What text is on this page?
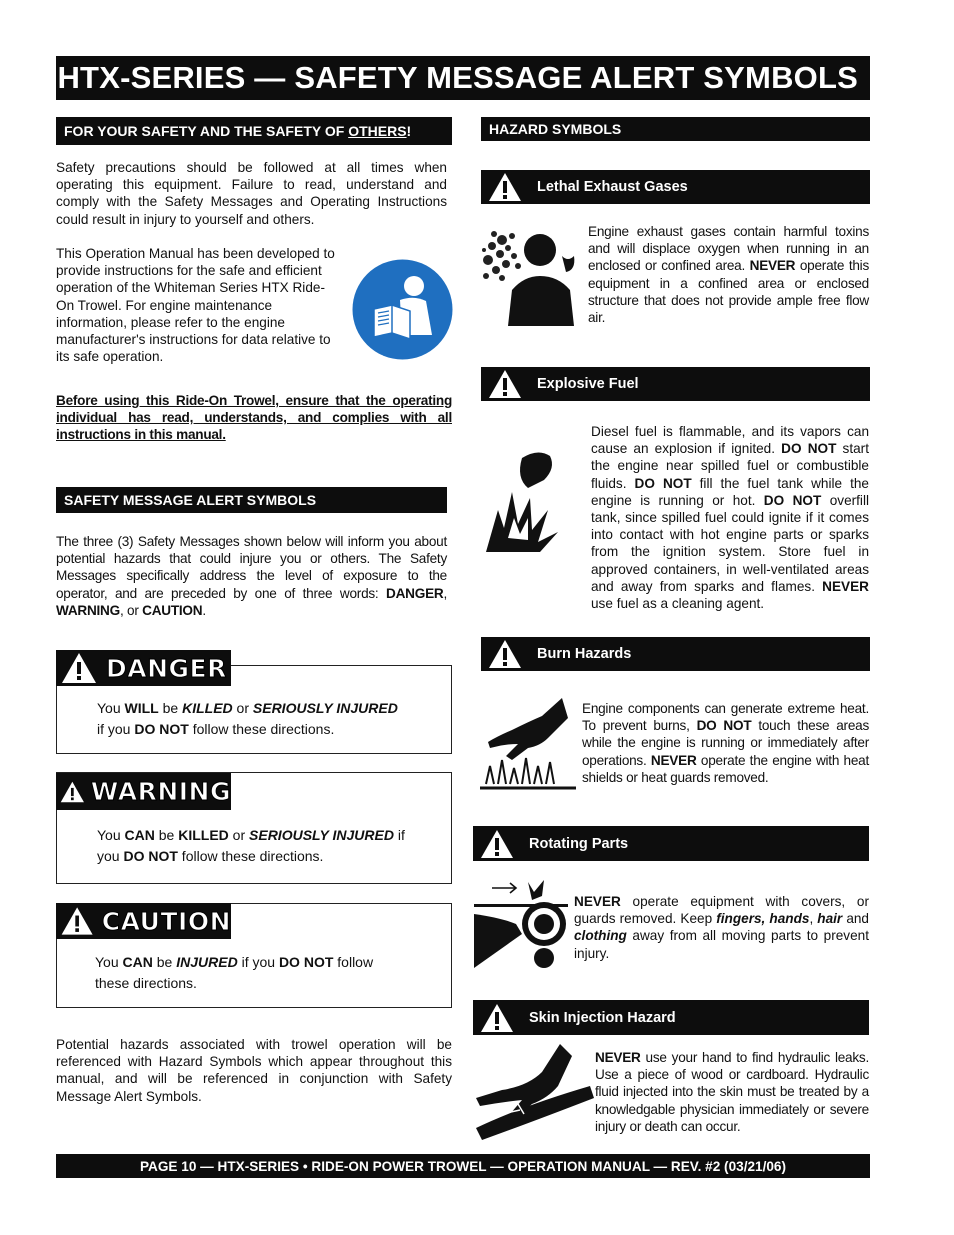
HTX-SERIES — SAFETY MESSAGE ALERT SYMBOLS
FOR YOUR SAFETY AND THE SAFETY OF OTHERS!

Safety precautions should be followed at all times when operating this equipment. Failure to read, understand and comply with the Safety Messages and Operating Instructions could result in injury to yourself and others.

This Operation Manual has been developed to provide instructions for the safe and efficient operation of the Whiteman Series HTX Ride-On Trowel. For engine maintenance information, please refer to the engine manufacturer's instructions for data relative to its safe operation.

Before using this Ride-On Trowel, ensure that the operating individual has read, understands, and complies with all instructions in this manual.

SAFETY MESSAGE ALERT SYMBOLS

The three (3) Safety Messages shown below will inform you about potential hazards that could injure you or others. The Safety Messages specifically address the level of exposure to the operator, and are preceded by one of three words: DANGER, WARNING, or CAUTION.

DANGER
You WILL be KILLED or SERIOUSLY INJURED
if you DO NOT follow these directions.
WARNING
You CAN be KILLED or SERIOUSLY INJURED if
you DO NOT follow these directions.
CAUTION
You CAN be INJURED if you DO NOT follow
these directions.

Potential hazards associated with trowel operation will be referenced with Hazard Symbols which appear throughout this manual, and will be referenced in conjunction with Safety Message Alert Symbols.

HAZARD SYMBOLS
Lethal Exhaust Gases

Engine exhaust gases contain harmful toxins and will displace oxygen when running in an enclosed or confined area. NEVER operate this equipment in a confined area or enclosed structure that does not provide ample free flow air.

Explosive Fuel

Diesel fuel is flammable, and its vapors can cause an explosion if ignited. DO NOT start the engine near spilled fuel or combustible fluids. DO NOT fill the fuel tank while the engine is running or hot. DO NOT overfill tank, since spilled fuel could ignite if it comes into contact with hot engine parts or sparks from the ignition system. Store fuel in approved containers, in well-ventilated areas and away from sparks and flames. NEVER use fuel as a cleaning agent.

Burn Hazards

Engine components can generate extreme heat. To prevent burns, DO NOT touch these areas while the engine is running or immediately after operations. NEVER operate the engine with heat shields or heat guards removed.

Rotating Parts

NEVER operate equipment with covers, or guards removed. Keep fingers, hands, hair and clothing away from all moving parts to prevent injury.

Skin Injection Hazard

NEVER use your hand to find hydraulic leaks. Use a piece of wood or cardboard. Hydraulic fluid injected into the skin must be treated by a knowledgable physician immediately or severe injury or death can occur.

PAGE 10 — HTX-SERIES • RIDE-ON POWER TROWEL — OPERATION MANUAL — REV. #2 (03/21/06)
